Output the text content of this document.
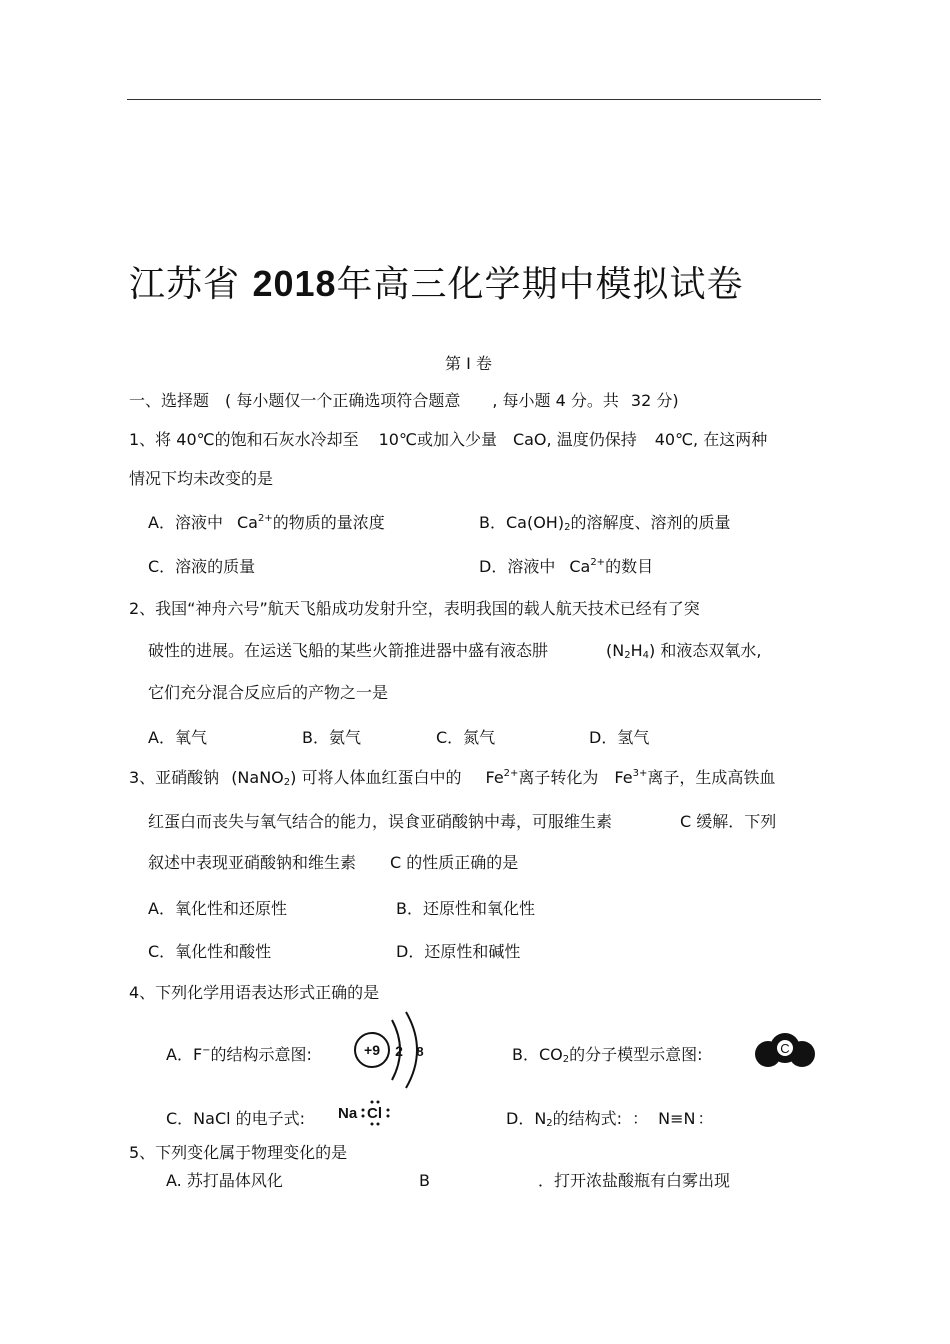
江苏省 2018年高三化学期中模拟试卷
第 I 卷
一、选择题 ( 每小题仅一个正确选项符合题意 , 每小题 4 分。共 32 分)
1、将 40℃的饱和石灰水冷却至 10℃或加入少量 CaO, 温度仍保持 40℃, 在这两种
情况下均未改变的是
A．溶液中 $Ca^{2+}$的物质的量浓度	B．$Ca(OH)_2$的溶解度、溶剂的质量
C．溶液的质量	D．溶液中 $Ca^{2+}$的数目
2、我国“神舟六号”航天飞船成功发射升空，表明我国的载人航天技术已经有了突
破性的进展。在运送飞船的某些火箭推进器中盛有液态肼	$(N_2H_4)$ 和液态双氧水,
它们充分混合反应后的产物之一是
A．氧气	B．氨气	C．氮气	D．氢气
3、亚硝酸钠 (NaNO$_2$) 可将人体血红蛋白中的 $Fe^{2+}$离子转化为 $Fe^{3+}$离子，生成高铁血
红蛋白而丧失与氧气结合的能力，误食亚硝酸钠中毒，可服维生素	C 缓解．下列
叙述中表现亚硝酸钠和维生素 C 的性质正确的是
A．氧化性和还原性	B．还原性和氧化性
C．氧化性和酸性	D．还原性和碱性
4、下列化学用语表达形式正确的是
A．F−的结构示意图:	+9 2 8	B．$CO_2$的分子模型示意图:	C
C．NaCl 的电子式: Na Cl	D．$N_2$的结构式: ： N≡N ：
5、下列变化属于物理变化的是
A. 苏打晶体风化	B	．打开浓盐酸瓶有白雾出现
